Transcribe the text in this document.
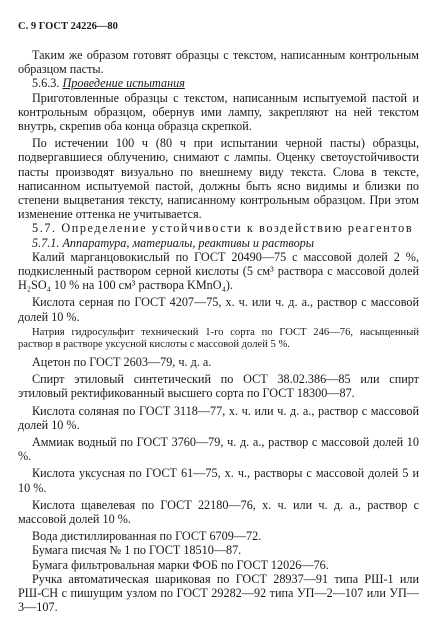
С. 9 ГОСТ 24226—80

Таким же образом готовят образцы с текстом, написанным контрольным образцом пасты.

5.6.3. Проведение испытания

Приготовленные образцы с текстом, написанным испытуемой пастой и контрольным образцом, обернув ими лампу, закрепляют на ней текстом внутрь, скрепив оба конца образца скрепкой.

По истечении 100 ч (80 ч при испытании черной пасты) образцы, подвергавшиеся облучению, снимают с лампы. Оценку светоустойчивости пасты производят визуально по внешнему виду текста. Слова в тексте, написанном испытуемой пастой, должны быть ясно видимы и близки по степени выцветания тексту, написанному контрольным образцом. При этом изменение оттенка не учитывается.

5.7. Определение устойчивости к воздействию реагентов

5.7.1. Аппаратура, материалы, реактивы и растворы

Калий марганцовокислый по ГОСТ 20490—75 с массовой долей 2 %, подкисленный раствором серной кислоты (5 см³ раствора с массовой долей H₂SO₄ 10 % на 100 см³ раствора KMnO₄).

Кислота серная по ГОСТ 4207—75, х. ч. или ч. д. а., раствор с массовой долей 10 %.

Натрия гидросульфит технический 1-го сорта по ГОСТ 246—76, насыщенный раствор в растворе уксусной кислоты с массовой долей 5 %.

Ацетон по ГОСТ 2603—79, ч. д. а.

Спирт этиловый синтетический по ОСТ 38.02.386—85 или спирт этиловый ректификованный высшего сорта по ГОСТ 18300—87.

Кислота соляная по ГОСТ 3118—77, х. ч. или ч. д. а., раствор с массовой долей 10 %.

Аммиак водный по ГОСТ 3760—79, ч. д. а., раствор с массовой долей 10 %.

Кислота уксусная по ГОСТ 61—75, х. ч., растворы с массовой долей 5 и 10 %.

Кислота щавелевая по ГОСТ 22180—76, х. ч. или ч. д. а., раствор с массовой долей 10 %.

Вода дистиллированная по ГОСТ 6709—72.

Бумага писчая № 1 по ГОСТ 18510—87.

Бумага фильтровальная марки ФОБ по ГОСТ 12026—76.

Ручка автоматическая шариковая по ГОСТ 28937—91 типа РШ-1 или РШ-СН с пишущим узлом по ГОСТ 29282—92 типа УП—2—107 или УП—3—107.
